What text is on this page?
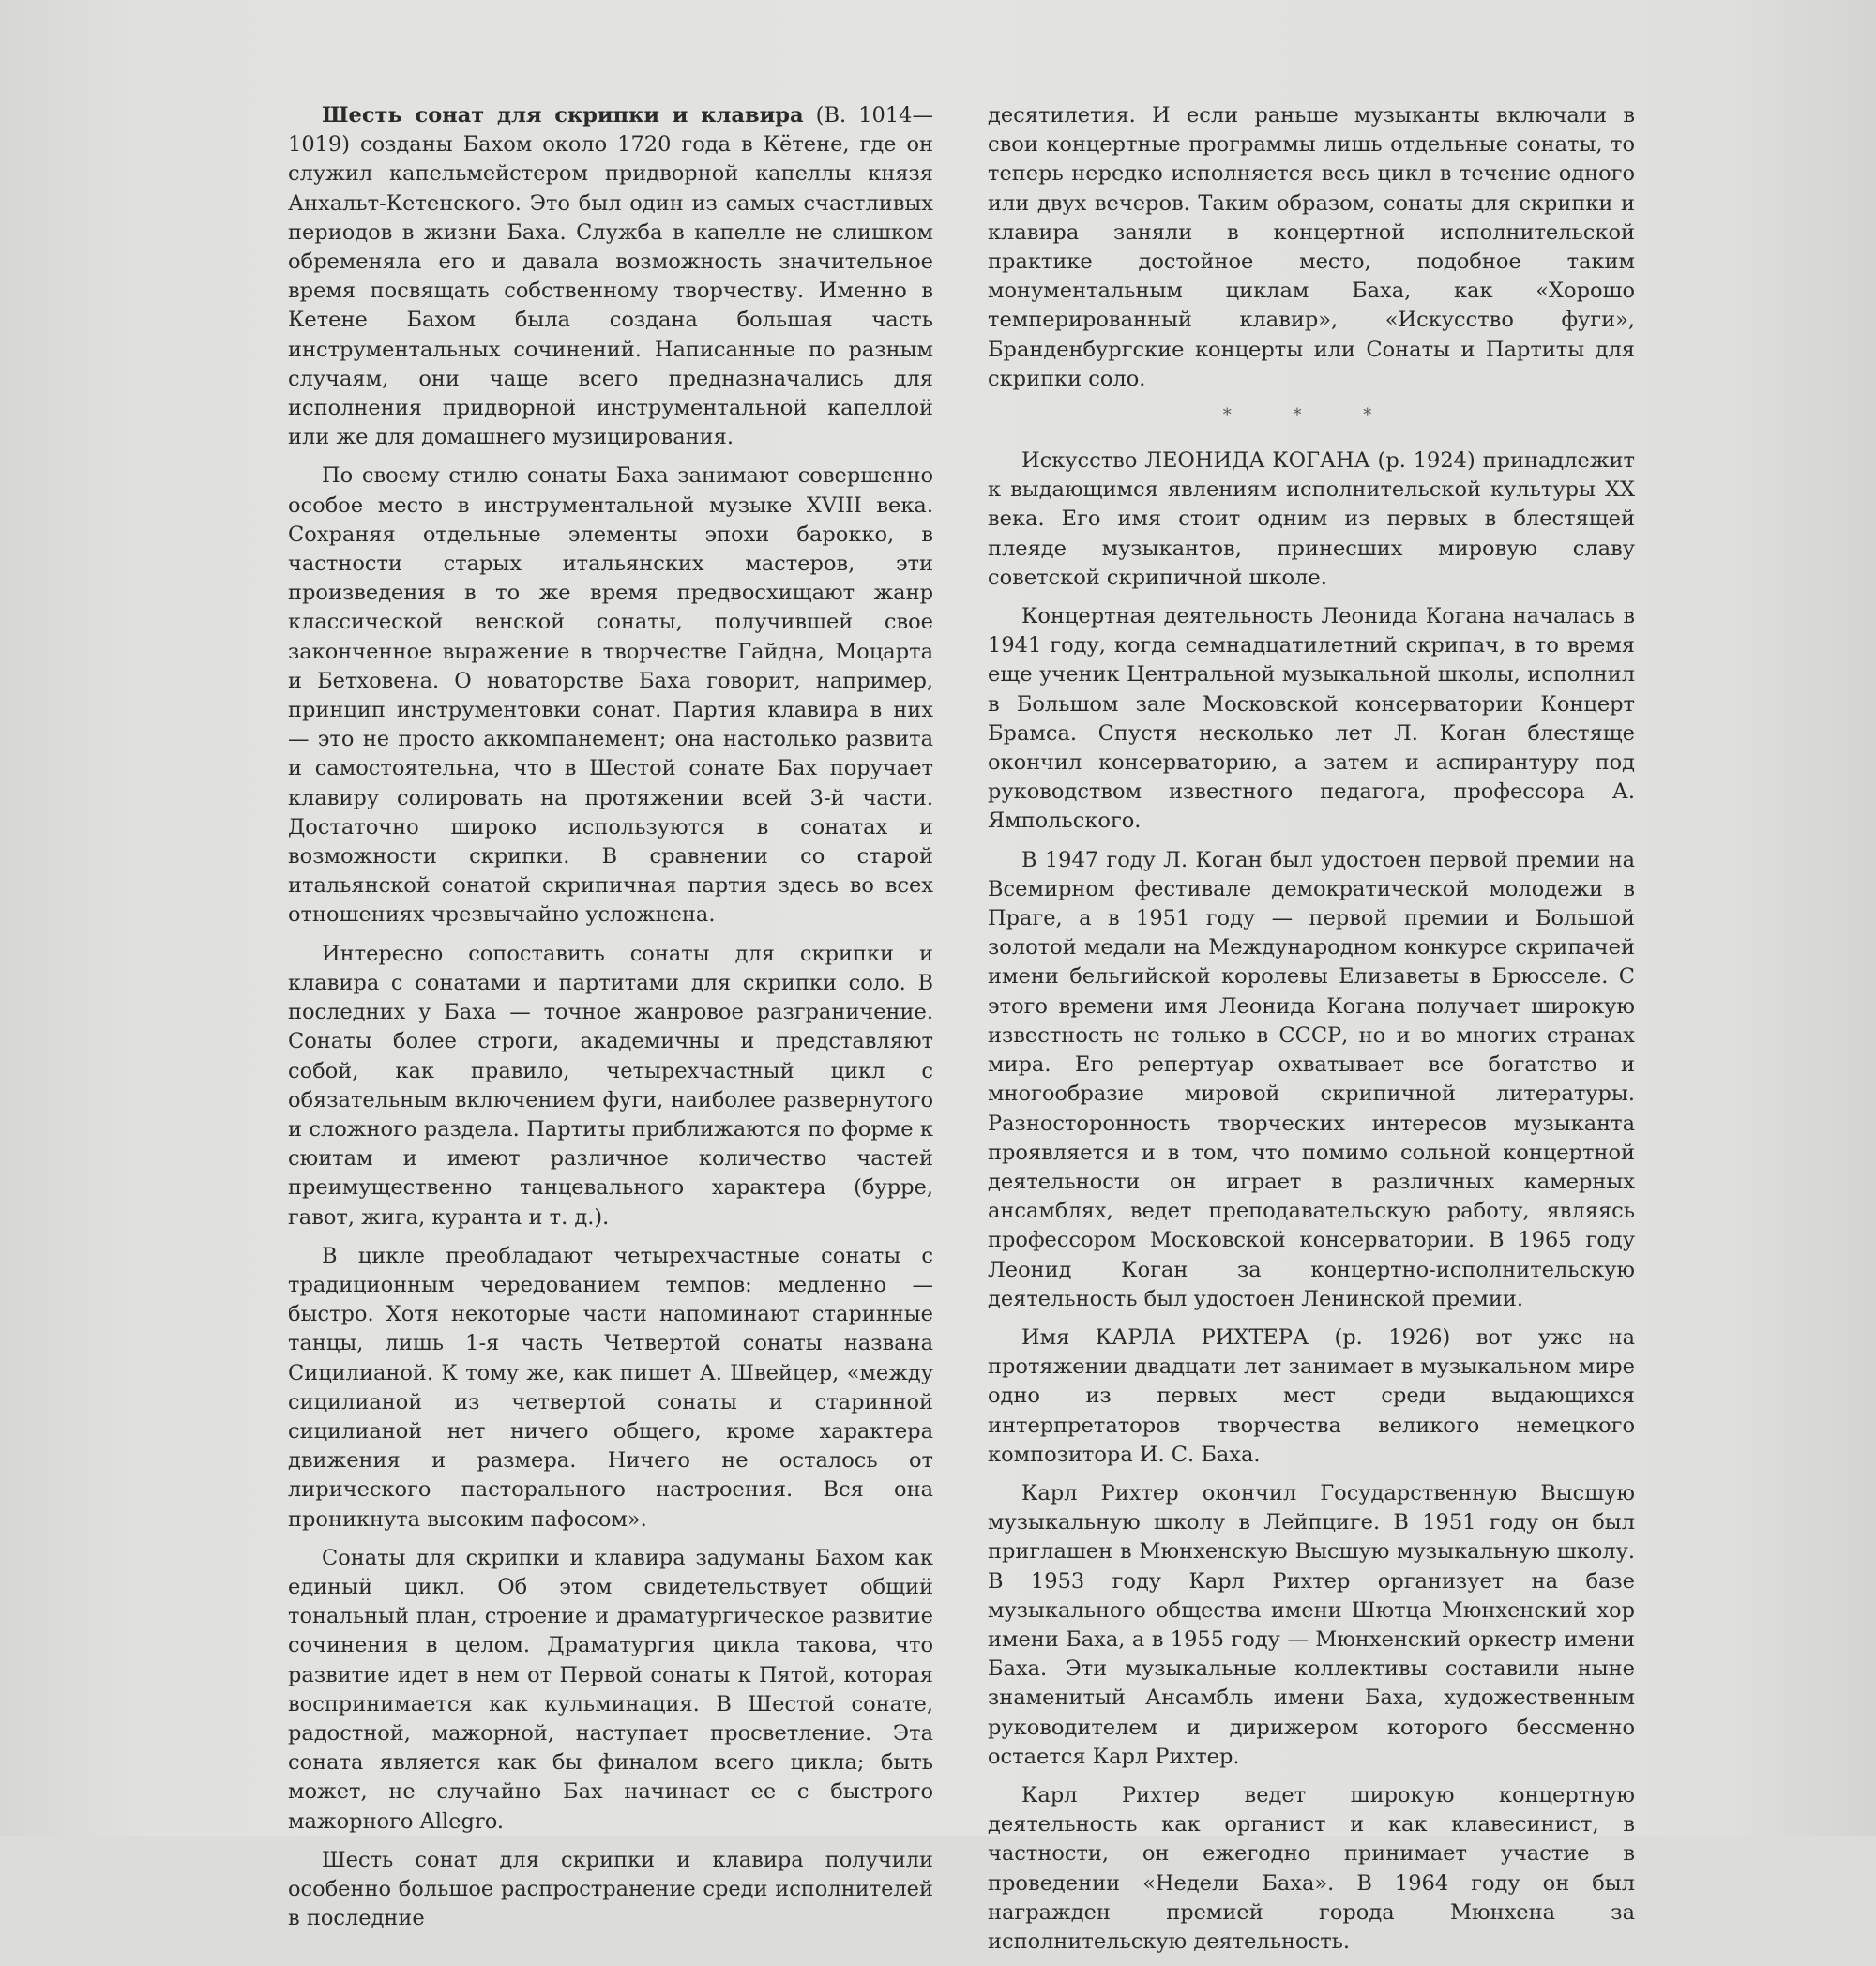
Шесть сонат для скрипки и клавира (B. 1014—1019) созданы Бахом около 1720 года в Кётене, где он служил капельмейстером придворной капеллы князя Анхальт-Кетенского. Это был один из самых счастливых периодов в жизни Баха. Служба в капелле не слишком обременяла его и давала возможность значительное время посвящать собственному творчеству. Именно в Кетене Бахом была создана большая часть инструментальных сочинений. Написанные по разным случаям, они чаще всего предназначались для исполнения придворной инструментальной капеллой или же для домашнего музицирования.

По своему стилю сонаты Баха занимают совершенно особое место в инструментальной музыке XVIII века. Сохраняя отдельные элементы эпохи барокко, в частности старых итальянских мастеров, эти произведения в то же время предвосхищают жанр классической венской сонаты, получившей свое законченное выражение в творчестве Гайдна, Моцарта и Бетховена. О новаторстве Баха говорит, например, принцип инструментовки сонат. Партия клавира в них — это не просто аккомпанемент; она настолько развита и самостоятельна, что в Шестой сонате Бах поручает клавиру солировать на протяжении всей 3-й части. Достаточно широко используются в сонатах и возможности скрипки. В сравнении со старой итальянской сонатой скрипичная партия здесь во всех отношениях чрезвычайно усложнена.

Интересно сопоставить сонаты для скрипки и клавира с сонатами и партитами для скрипки соло. В последних у Баха — точное жанровое разграничение. Сонаты более строги, академичны и представляют собой, как правило, четырехчастный цикл с обязательным включением фуги, наиболее развернутого и сложного раздела. Партиты приближаются по форме к сюитам и имеют различное количество частей преимущественно танцевального характера (бурре, гавот, жига, куранта и т. д.).

В цикле преобладают четырехчастные сонаты с традиционным чередованием темпов: медленно — быстро. Хотя некоторые части напоминают старинные танцы, лишь 1-я часть Четвертой сонаты названа Сицилианой. К тому же, как пишет А. Швейцер, «между сицилианой из четвертой сонаты и старинной сицилианой нет ничего общего, кроме характера движения и размера. Ничего не осталось от лирического пасторального настроения. Вся она проникнута высоким пафосом».

Сонаты для скрипки и клавира задуманы Бахом как единый цикл. Об этом свидетельствует общий тональный план, строение и драматургическое развитие сочинения в целом. Драматургия цикла такова, что развитие идет в нем от Первой сонаты к Пятой, которая воспринимается как кульминация. В Шестой сонате, радостной, мажорной, наступает просветление. Эта соната является как бы финалом всего цикла; быть может, не случайно Бах начинает ее с быстрого мажорного Allegro.

Шесть сонат для скрипки и клавира получили особенно большое распространение среди исполнителей в последние

десятилетия. И если раньше музыканты включали в свои концертные программы лишь отдельные сонаты, то теперь нередко исполняется весь цикл в течение одного или двух вечеров. Таким образом, сонаты для скрипки и клавира заняли в концертной исполнительской практике достойное место, подобное таким монументальным циклам Баха, как «Хорошо темперированный клавир», «Искусство фуги», Бранденбургские концерты или Сонаты и Партиты для скрипки соло.

* * *

Искусство ЛЕОНИДА КОГАНА (р. 1924) принадлежит к выдающимся явлениям исполнительской культуры XX века. Его имя стоит одним из первых в блестящей плеяде музыкантов, принесших мировую славу советской скрипичной школе.

Концертная деятельность Леонида Когана началась в 1941 году, когда семнадцатилетний скрипач, в то время еще ученик Центральной музыкальной школы, исполнил в Большом зале Московской консерватории Концерт Брамса. Спустя несколько лет Л. Коган блестяще окончил консерваторию, а затем и аспирантуру под руководством известного педагога, профессора А. Ямпольского.

В 1947 году Л. Коган был удостоен первой премии на Всемирном фестивале демократической молодежи в Праге, а в 1951 году — первой премии и Большой золотой медали на Международном конкурсе скрипачей имени бельгийской королевы Елизаветы в Брюсселе. С этого времени имя Леонида Когана получает широкую известность не только в СССР, но и во многих странах мира. Его репертуар охватывает все богатство и многообразие мировой скрипичной литературы. Разносторонность творческих интересов музыканта проявляется и в том, что помимо сольной концертной деятельности он играет в различных камерных ансамблях, ведет преподавательскую работу, являясь профессором Московской консерватории. В 1965 году Леонид Коган за концертно-исполнительскую деятельность был удостоен Ленинской премии.

Имя КАРЛА РИХТЕРА (р. 1926) вот уже на протяжении двадцати лет занимает в музыкальном мире одно из первых мест среди выдающихся интерпретаторов творчества великого немецкого композитора И. С. Баха.

Карл Рихтер окончил Государственную Высшую музыкальную школу в Лейпциге. В 1951 году он был приглашен в Мюнхенскую Высшую музыкальную школу. В 1953 году Карл Рихтер организует на базе музыкального общества имени Шютца Мюнхенский хор имени Баха, а в 1955 году — Мюнхенский оркестр имени Баха. Эти музыкальные коллективы составили ныне знаменитый Ансамбль имени Баха, художественным руководителем и дирижером которого бессменно остается Карл Рихтер.

Карл Рихтер ведет широкую концертную деятельность как органист и как клавесинист, в частности, он ежегодно принимает участие в проведении «Недели Баха». В 1964 году он был награжден премией города Мюнхена за исполнительскую деятельность.
